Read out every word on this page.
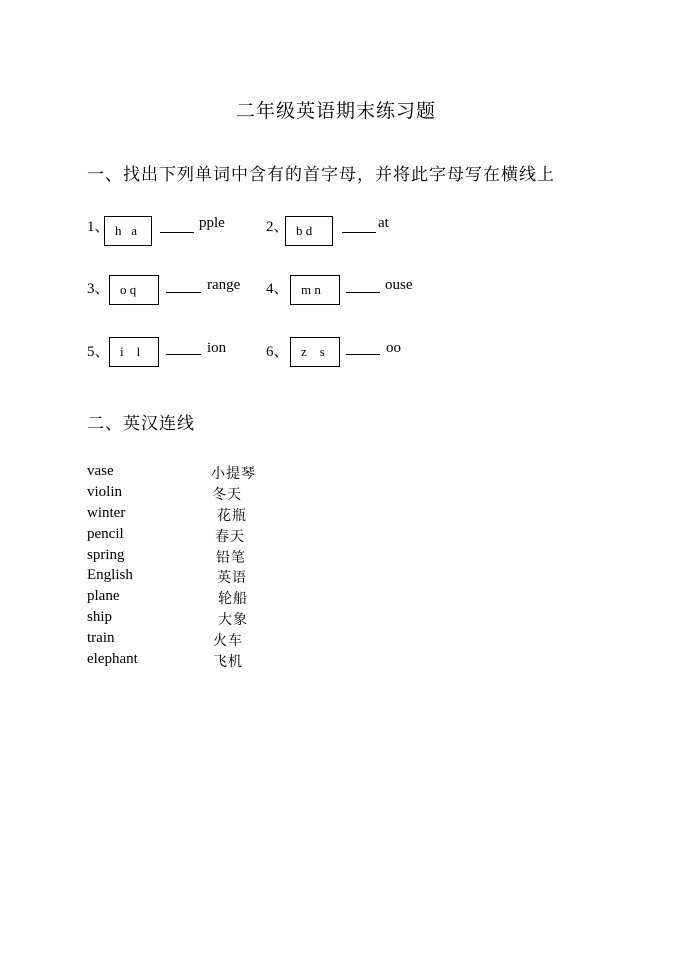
二年级英语期末练习题
一、找出下列单词中含有的首字母，并将此字母写在横线上
1、 h   a	pple	2、 b d	at
3、 o q	range 4、 m n	ouse
5、 i    l	ion	6、 z    s	oo
二、英汉连线
vase
violin
winter
pencil
spring
English
plane
ship
train
elephant
小提琴
冬天
花瓶
春天
铅笔
英语
轮船
大象
火车
飞机
